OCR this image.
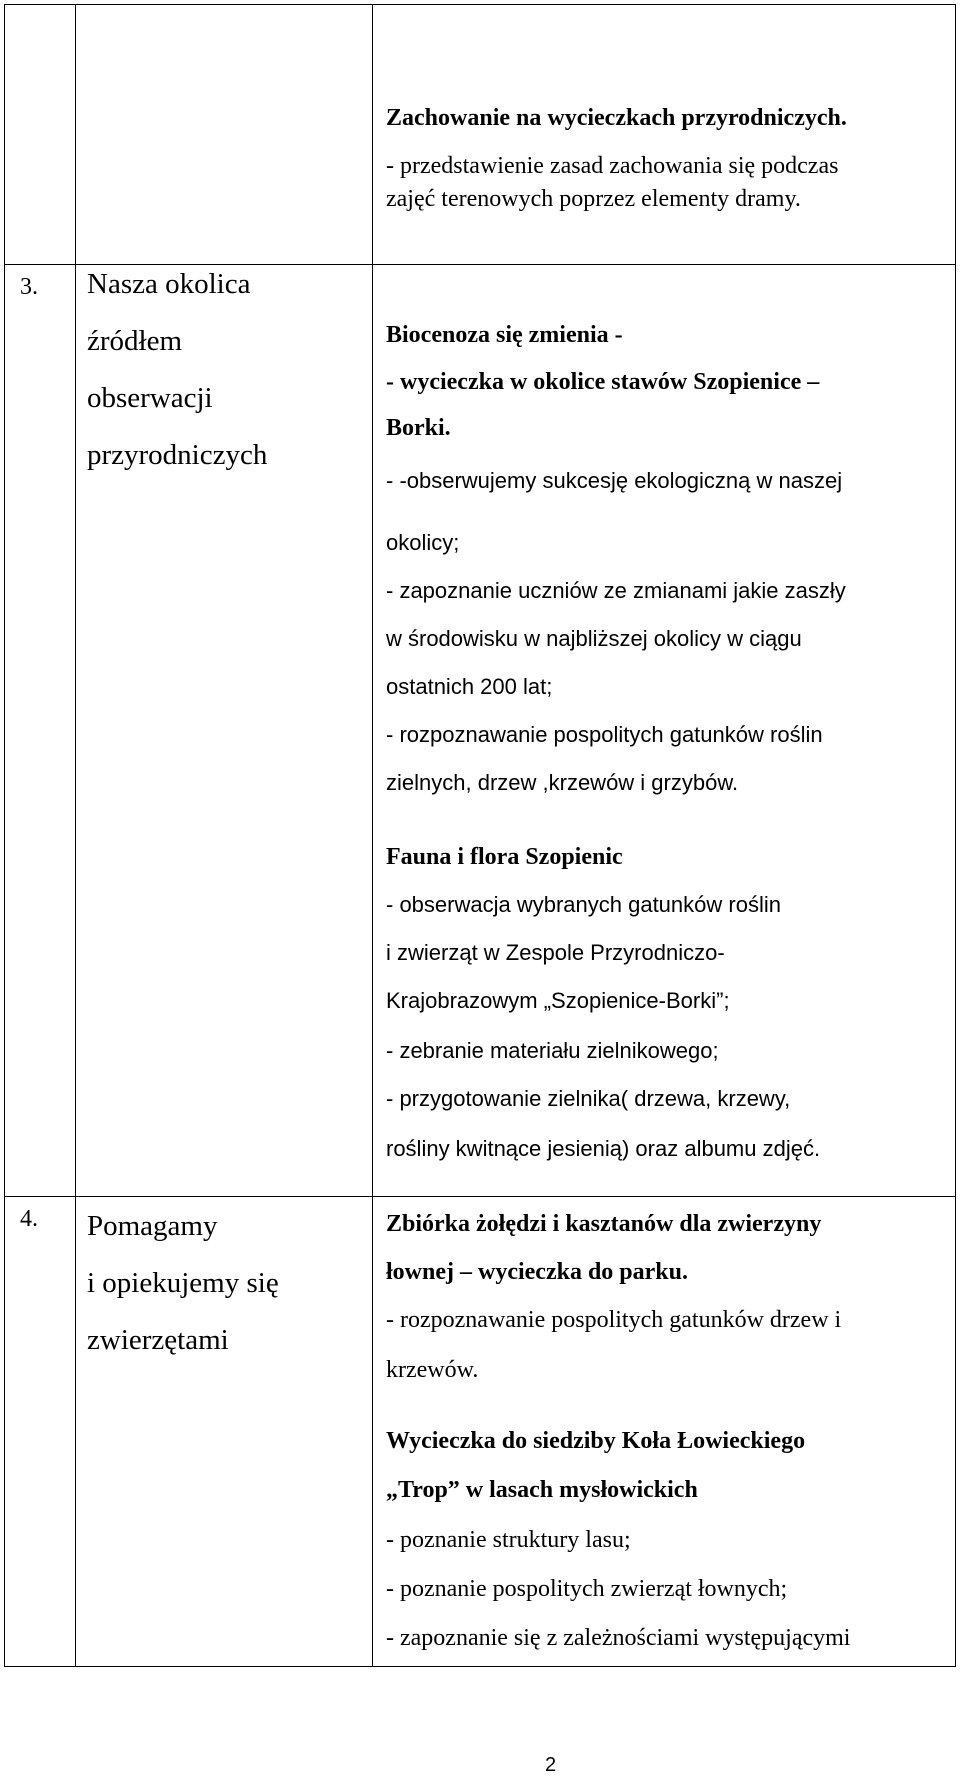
Zachowanie na wycieczkach przyrodniczych.
- przedstawienie zasad zachowania się podczas
zajęć terenowych poprzez elementy dramy.
3. Nasza okolica
źródłem
obserwacji
przyrodniczych
Biocenoza się zmienia -
- wycieczka w okolice stawów Szopienice –
Borki.
- -obserwujemy sukcesję ekologiczną w naszej
okolicy;
- zapoznanie uczniów ze zmianami jakie zaszły
w środowisku w najbliższej okolicy w ciągu
ostatnich 200 lat;
- rozpoznawanie pospolitych gatunków roślin
zielnych, drzew ,krzewów i grzybów.
Fauna i flora Szopienic
- obserwacja wybranych gatunków roślin
i zwierząt w Zespole Przyrodniczo-
Krajobrazowym „Szopienice-Borki”;
- zebranie materiału zielnikowego;
- przygotowanie zielnika( drzewa, krzewy,
rośliny kwitnące jesienią) oraz albumu zdjęć.
4. Pomagamy
i opiekujemy się
zwierzętami
Zbiórka żołędzi i kasztanów dla zwierzyny
łownej – wycieczka do parku.
- rozpoznawanie pospolitych gatunków drzew i
krzewów.
Wycieczka do siedziby Koła Łowieckiego
„Trop” w lasach mysłowickich
- poznanie struktury lasu;
- poznanie pospolitych zwierząt łownych;
- zapoznanie się z zależnościami występującymi
2
